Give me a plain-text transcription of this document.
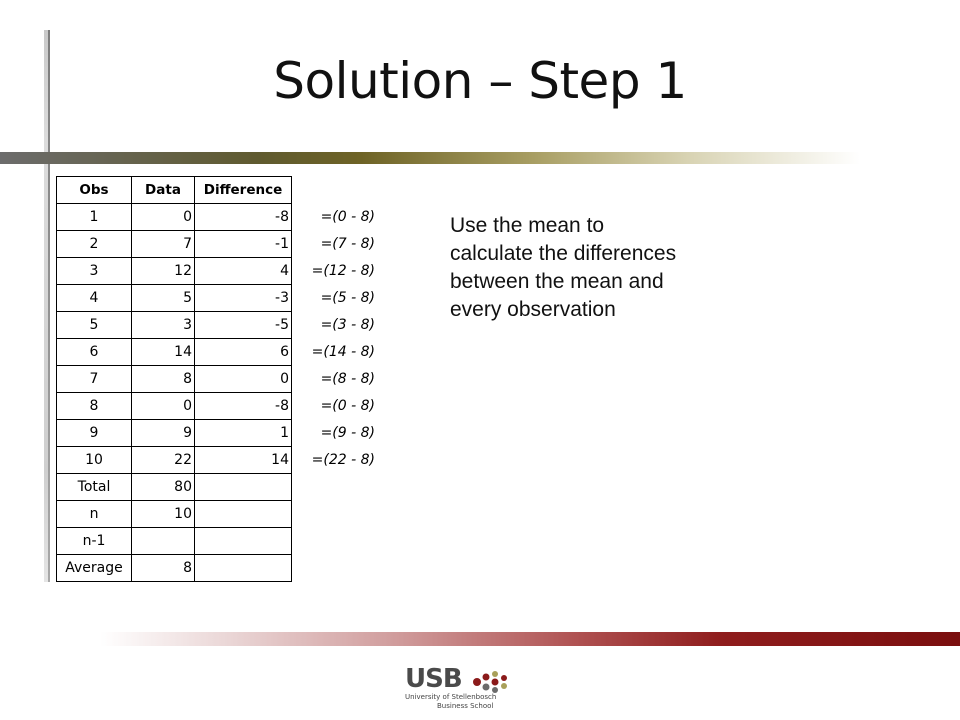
Solution – Step 1
Obs	Data	Difference	
1	0	-8	=(0 - 8)
2	7	-1	=(7 - 8)
3	12	4	=(12 - 8)
4	5	-3	=(5 - 8)
5	3	-5	=(3 - 8)
6	14	6	=(14 - 8)
7	8	0	=(8 - 8)
8	0	-8	=(0 - 8)
9	9	1	=(9 - 8)
10	22	14	=(22 - 8)
Total	80		
n	10		
n-1			
Average	8		
Use the mean to calculate the differences between the mean and every observation
USB
University of Stellenbosch
Business School
